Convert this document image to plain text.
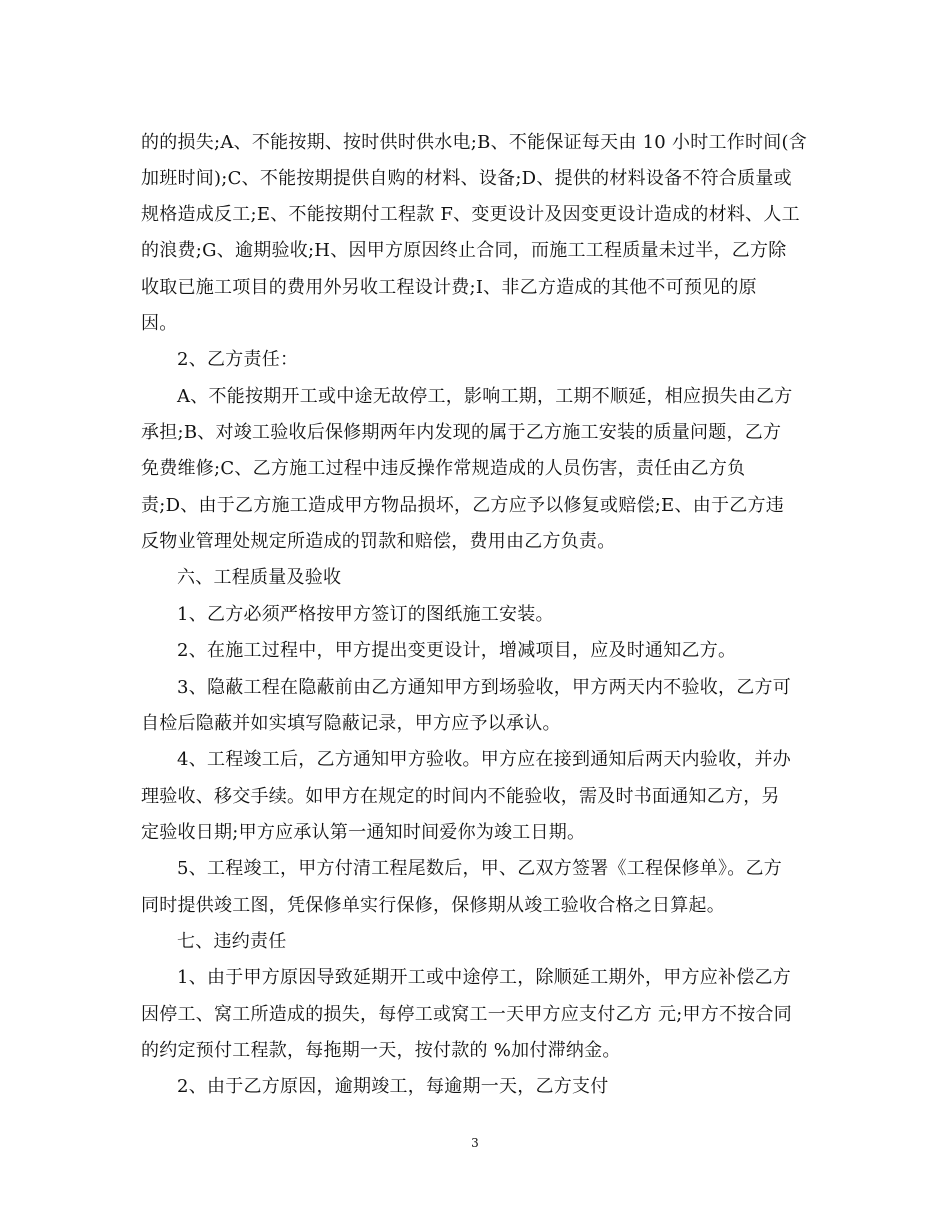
的的损失;A、不能按期、按时供时供水电;B、不能保证每天由 10 小时工作时间(含
加班时间);C、不能按期提供自购的材料、设备;D、提供的材料设备不符合质量或
规格造成反工;E、不能按期付工程款 F、变更设计及因变更设计造成的材料、人工
的浪费;G、逾期验收;H、因甲方原因终止合同，而施工工程质量未过半，乙方除
收取已施工项目的费用外另收工程设计费;I、非乙方造成的其他不可预见的原
因。
2、乙方责任：
A、不能按期开工或中途无故停工，影响工期，工期不顺延，相应损失由乙方
承担;B、对竣工验收后保修期两年内发现的属于乙方施工安装的质量问题，乙方
免费维修;C、乙方施工过程中违反操作常规造成的人员伤害，责任由乙方负
责;D、由于乙方施工造成甲方物品损坏，乙方应予以修复或赔偿;E、由于乙方违
反物业管理处规定所造成的罚款和赔偿，费用由乙方负责。
六、工程质量及验收
1、乙方必须严格按甲方签订的图纸施工安装。
2、在施工过程中，甲方提出变更设计，增减项目，应及时通知乙方。
3、隐蔽工程在隐蔽前由乙方通知甲方到场验收，甲方两天内不验收，乙方可
自检后隐蔽并如实填写隐蔽记录，甲方应予以承认。
4、工程竣工后，乙方通知甲方验收。甲方应在接到通知后两天内验收，并办
理验收、移交手续。如甲方在规定的时间内不能验收，需及时书面通知乙方，另
定验收日期;甲方应承认第一通知时间爱你为竣工日期。
5、工程竣工，甲方付清工程尾数后，甲、乙双方签署《工程保修单》。乙方
同时提供竣工图，凭保修单实行保修，保修期从竣工验收合格之日算起。
七、违约责任
1、由于甲方原因导致延期开工或中途停工，除顺延工期外，甲方应补偿乙方
因停工、窝工所造成的损失，每停工或窝工一天甲方应支付乙方 元;甲方不按合同
的约定预付工程款，每拖期一天，按付款的 %加付滞纳金。
2、由于乙方原因，逾期竣工，每逾期一天，乙方支付
3
